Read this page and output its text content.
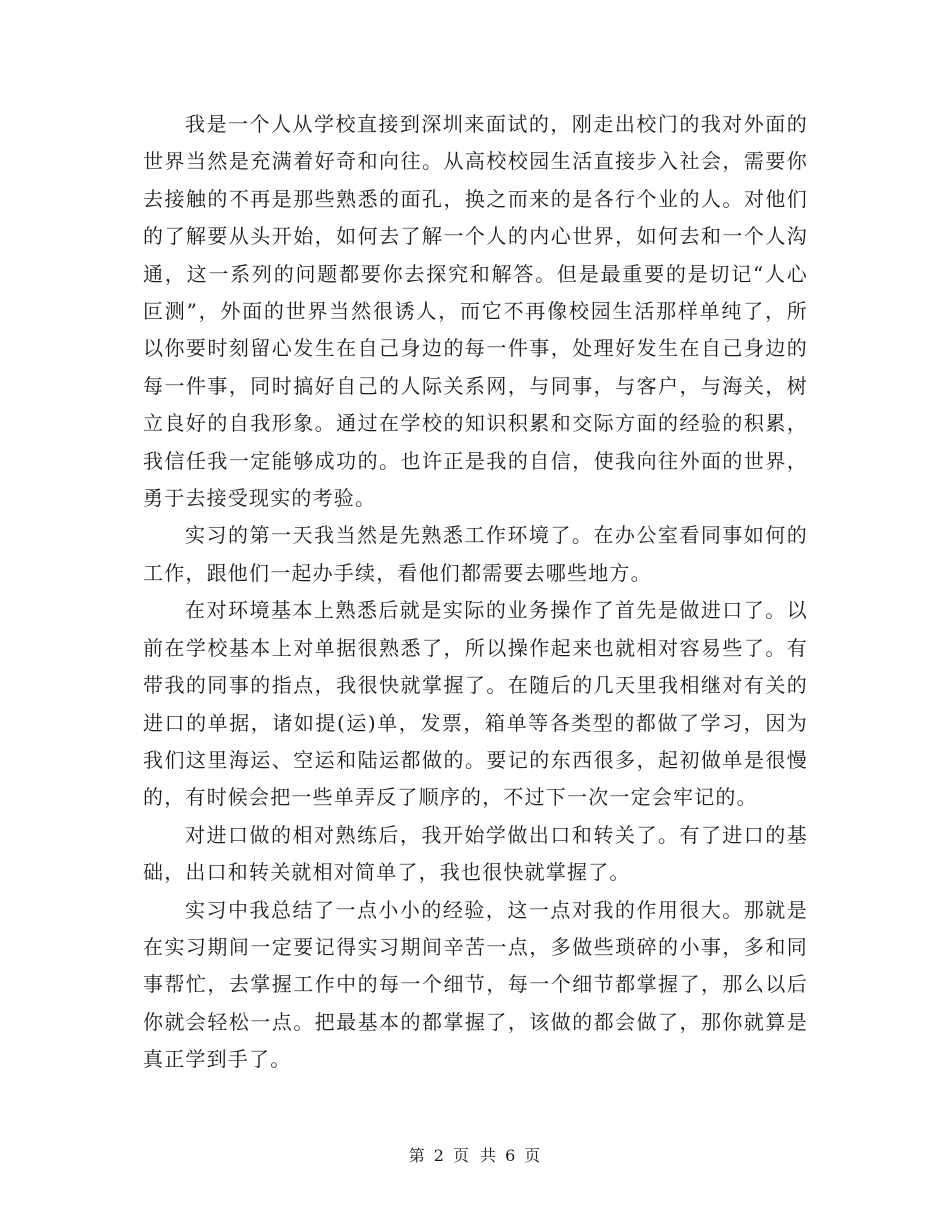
我是一个人从学校直接到深圳来面试的，刚走出校门的我对外面的世界当然是充满着好奇和向往。从高校校园生活直接步入社会，需要你去接触的不再是那些熟悉的面孔，换之而来的是各行个业的人。对他们的了解要从头开始，如何去了解一个人的内心世界，如何去和一个人沟通，这一系列的问题都要你去探究和解答。但是最重要的是切记“人心叵测”，外面的世界当然很诱人，而它不再像校园生活那样单纯了，所以你要时刻留心发生在自己身边的每一件事，处理好发生在自己身边的每一件事，同时搞好自己的人际关系网，与同事，与客户，与海关，树立良好的自我形象。通过在学校的知识积累和交际方面的经验的积累，我信任我一定能够成功的。也许正是我的自信，使我向往外面的世界，勇于去接受现实的考验。

实习的第一天我当然是先熟悉工作环境了。在办公室看同事如何的工作，跟他们一起办手续，看他们都需要去哪些地方。

在对环境基本上熟悉后就是实际的业务操作了首先是做进口了。以前在学校基本上对单据很熟悉了，所以操作起来也就相对容易些了。有带我的同事的指点，我很快就掌握了。在随后的几天里我相继对有关的进口的单据，诸如提(运)单，发票，箱单等各类型的都做了学习，因为我们这里海运、空运和陆运都做的。要记的东西很多，起初做单是很慢的，有时候会把一些单弄反了顺序的，不过下一次一定会牢记的。

对进口做的相对熟练后，我开始学做出口和转关了。有了进口的基础，出口和转关就相对简单了，我也很快就掌握了。

实习中我总结了一点小小的经验，这一点对我的作用很大。那就是在实习期间一定要记得实习期间辛苦一点，多做些琐碎的小事，多和同事帮忙，去掌握工作中的每一个细节，每一个细节都掌握了，那么以后你就会轻松一点。把最基本的都掌握了，该做的都会做了，那你就算是真正学到手了。

第 2 页 共 6 页
